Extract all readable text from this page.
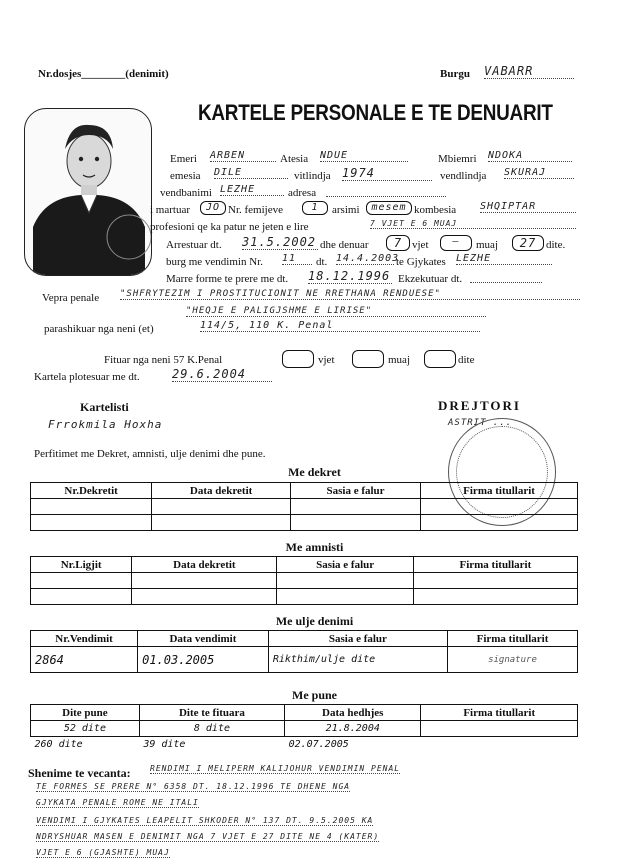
Nr.dosjes________(denimit)	Burgu VABARR
KARTELE PERSONALE E TE DENUARIT
Emeri ARBEN	Atesia NDUE	Mbiemri NDOKA
emesia DILE	vitlindja 1974	vendlindja SKURAJ
vendbanimi LEZHE	adresa
i martuar	JO Nr. femijeve	1	arsimi	mesem kombesia SHQIPTAR
profesioni qe ka patur ne jeten e lire	7 VJET E 6 MUAJ
Arrestuar dt. 31.5.2002 dhe denuar	7 vjet	—	muaj	27 dite.
burg me vendimin Nr. 11	dt. 14.4.2003
te Gjykates LEZHE
Marre forme te prere me dt. 18.12.1996 Ekzekutuar dt.
Vepra penale "SHFRYTEZIM I PROSTITUCIONIT NE RRETHANA RENDUESE"
"HEQJE E PALIGJSHME E LIRISE"
parashikuar nga neni (et)	114/5, 110 K. Penal
Fituar nga neni 57 K.Penal	vjet	muaj	dite
Kartela plotesuar me dt.	29.6.2004
Kartelisti
Frrokmila Hoxha
DREJTORI
ASTRIT ...
Perfitimet me Dekret, amnisti, ulje denimi dhe pune.
Me dekret
Nr.Dekretit	Data dekretit	Sasia e falur	Firma titullarit

Me amnisti
Nr.Ligjit	Data dekretit	Sasia e falur	Firma titullarit

Me ulje denimi
Nr.Vendimit	Data vendimit	Sasia e falur	Firma titullarit
2864	01.03.2005	Rikthim/ulje dite	signature
Me pune
Dite pune	Dite te fituara	Data hedhjes	Firma titullarit
52 dite	8 dite	21.8.2004	
260 dite	39 dite	02.07.2005	
Shenime te vecanta: RENDIMI I MELIPERM KALIJOHUR VENDIMIN PENAL
TE FORMES SE PRERE N° 6358 DT. 18.12.1996 TE DHENE NGA
GJYKATA PENALE ROME NE ITALI
VENDIMI I GJYKATES LEAPELIT SHKODER N° 137 DT. 9.5.2005 KA
NDRYSHUAR MASEN E DENIMIT NGA 7 VJET E 27 DITE NE 4 (KATER)
VJET E 6 (GJASHTE) MUAJ
